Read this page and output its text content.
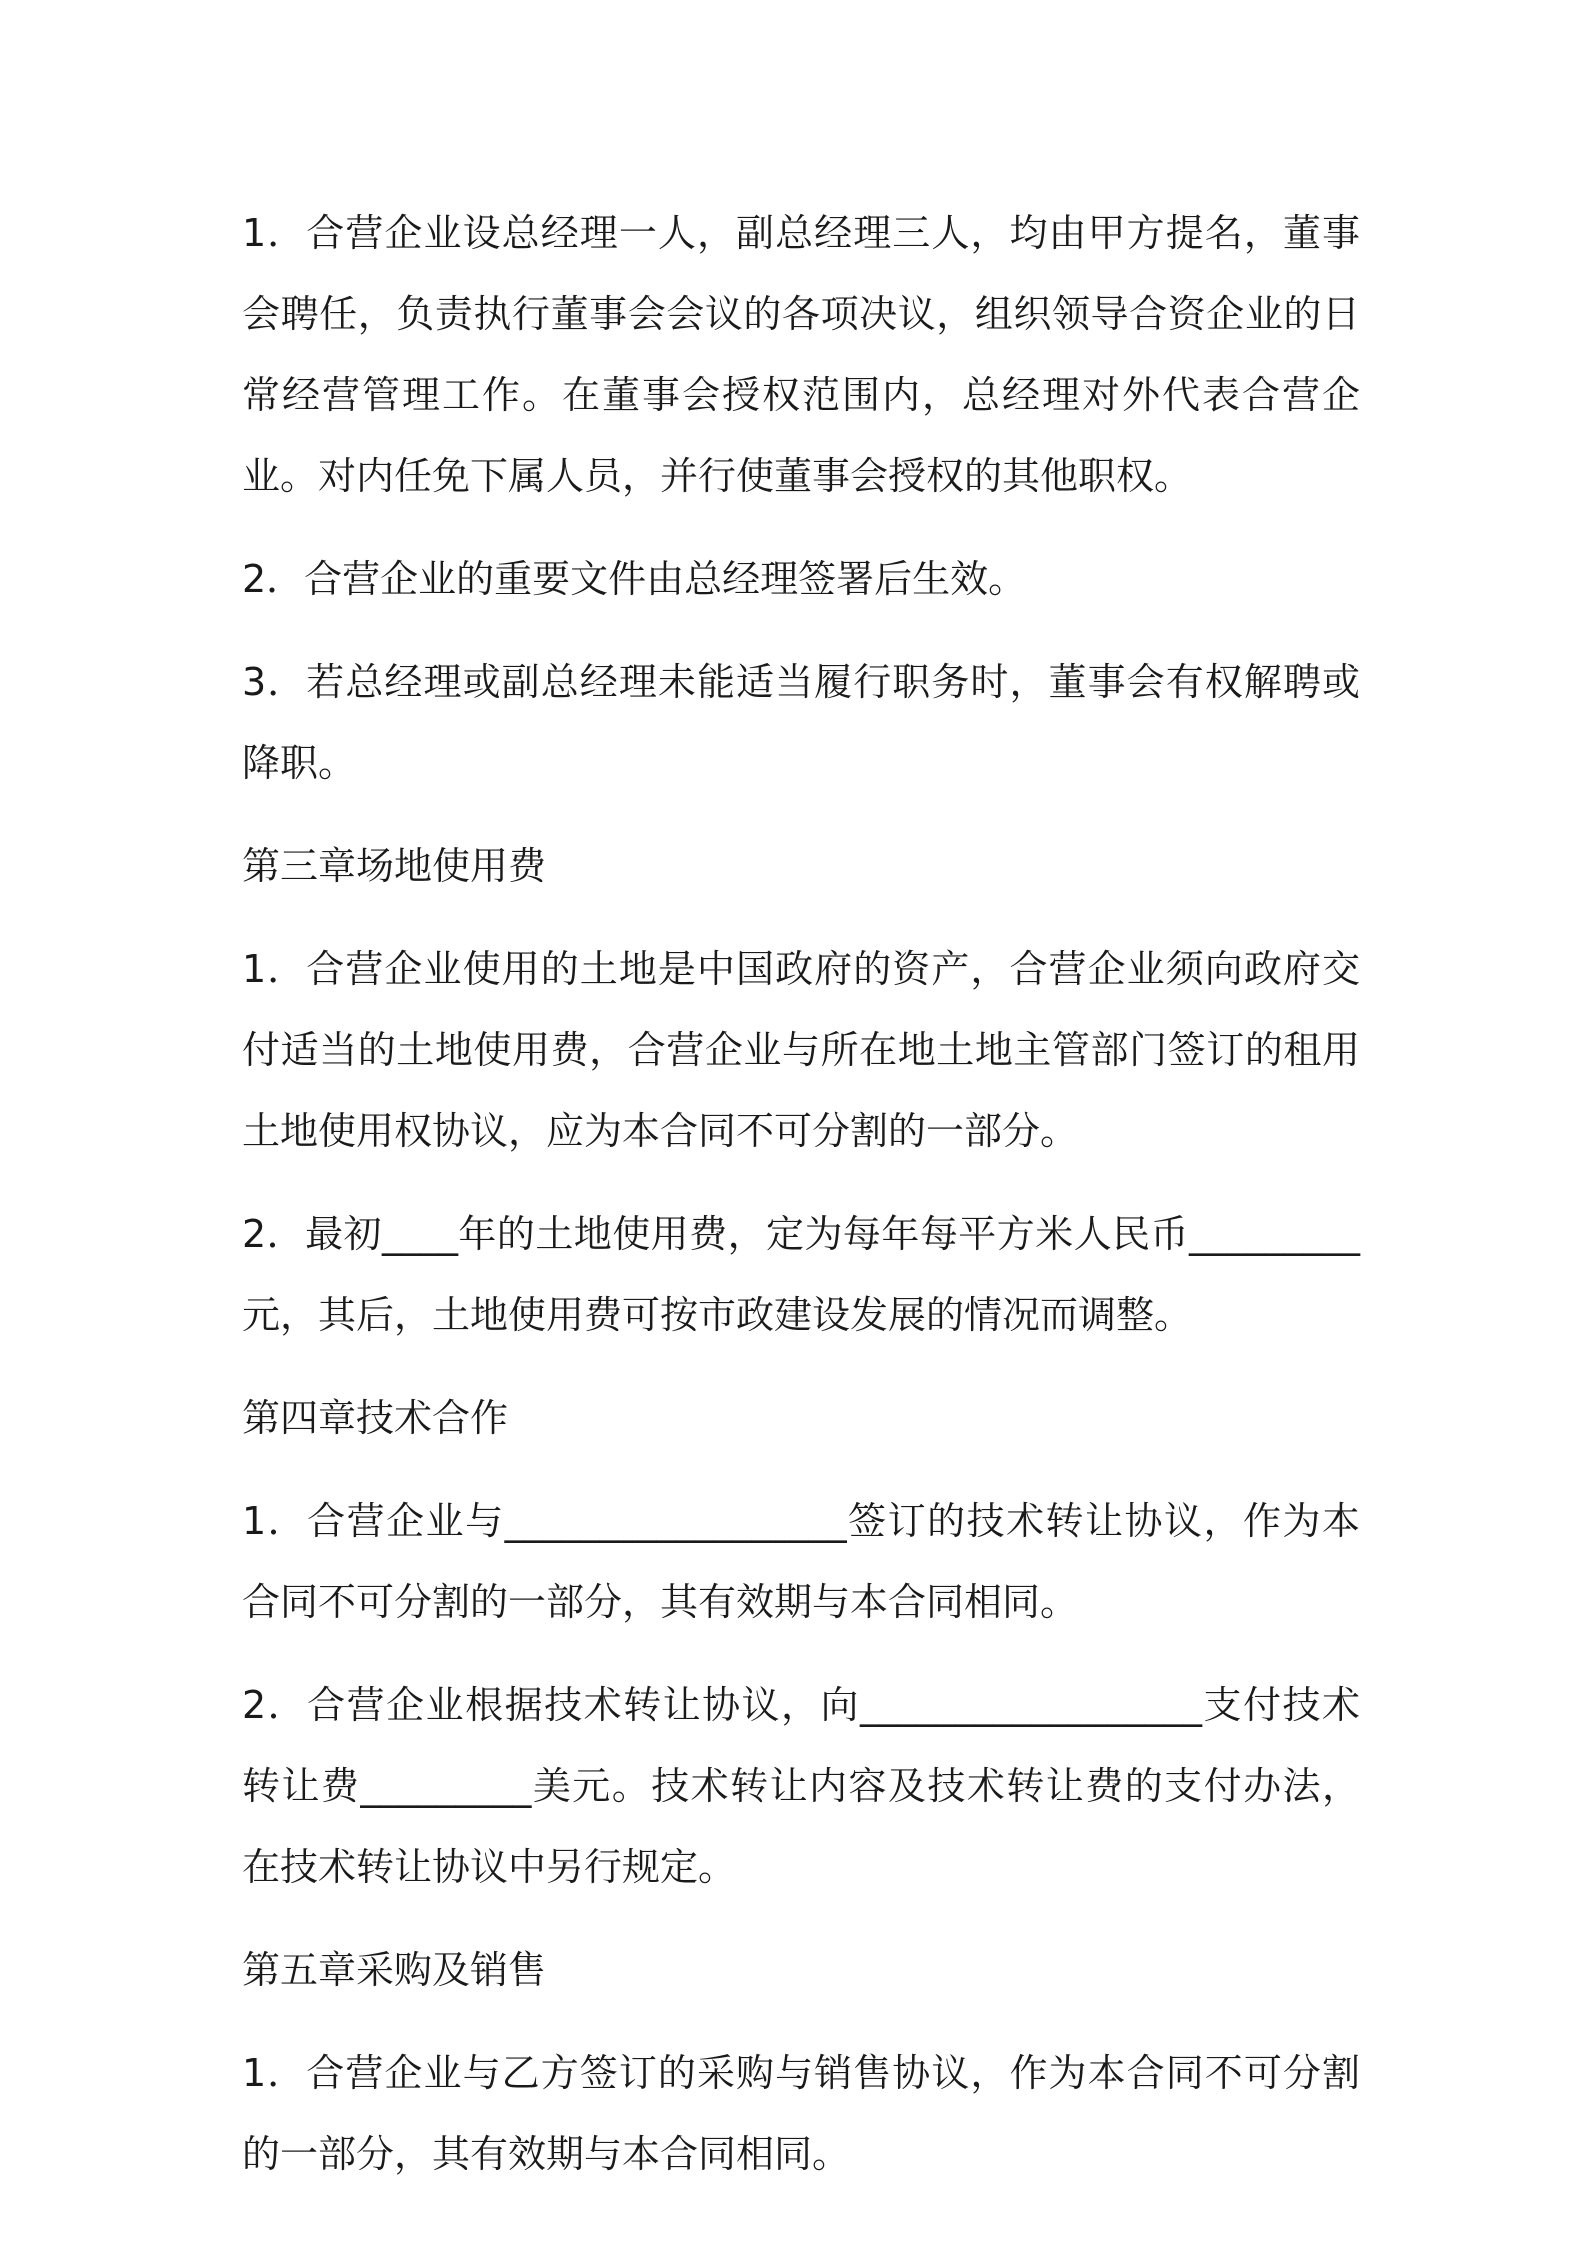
1．合营企业设总经理一人，副总经理三人，均由甲方提名，董事会聘任，负责执行董事会会议的各项决议，组织领导合资企业的日常经营管理工作。在董事会授权范围内，总经理对外代表合营企业。对内任免下属人员，并行使董事会授权的其他职权。

2．合营企业的重要文件由总经理签署后生效。

3．若总经理或副总经理未能适当履行职务时，董事会有权解聘或降职。

第三章场地使用费

1．合营企业使用的土地是中国政府的资产，合营企业须向政府交付适当的土地使用费，合营企业与所在地土地主管部门签订的租用土地使用权协议，应为本合同不可分割的一部分。

2．最初____年的土地使用费，定为每年每平方米人民币_________元，其后，土地使用费可按市政建设发展的情况而调整。

第四章技术合作

1．合营企业与__________________签订的技术转让协议，作为本合同不可分割的一部分，其有效期与本合同相同。

2．合营企业根据技术转让协议，向__________________支付技术转让费_________美元。技术转让内容及技术转让费的支付办法，在技术转让协议中另行规定。

第五章采购及销售

1．合营企业与乙方签订的采购与销售协议，作为本合同不可分割的一部分，其有效期与本合同相同。
